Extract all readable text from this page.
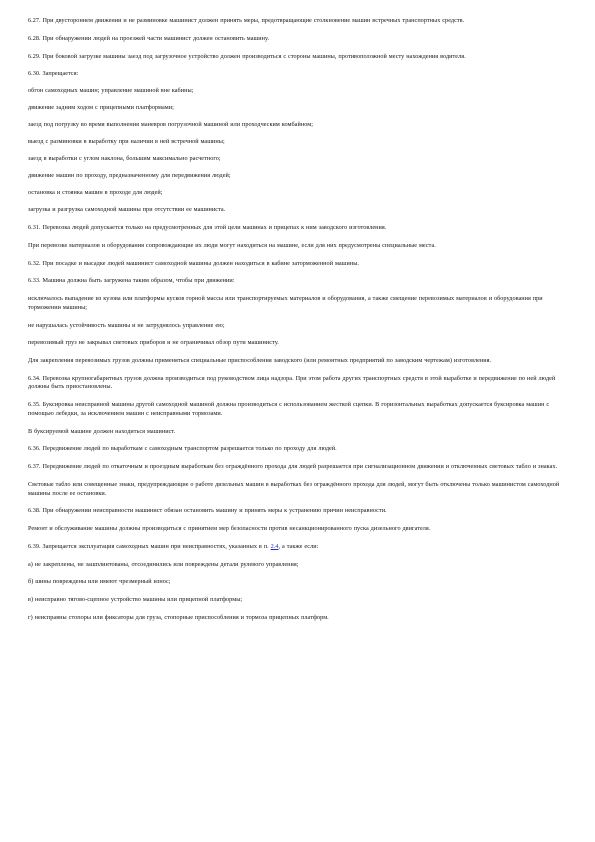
6.27. При двустороннем движении и не разминовке машинист должен принять меры, предотвращающие столкновение машин встречных транспортных средств.

6.28. При обнаружении людей на проезжей части машинист должен остановить машину.

6.29. При боковой загрузке машины заезд под загрузочное устройство должен производиться с стороны машины, противоположной месту нахождения водителя.

6.30. Запрещается:

обгон самоходных машин; управление машиной вне кабины;

движение задним ходом с прицепными платформами;

заезд под погрузку во время выполнения маневров погрузочной машиной или проходческим комбайном;

выезд с разминовки в выработку при наличии в ней встречной машины;

заезд в выработки с углом наклона, большим максимально расчетного;

движение машин по проходу, предназначенному для передвижения людей;

остановка и стоянка машин в проходе для людей;

загрузка и разгрузка самоходной машины при отсутствии ее машиниста.

6.31. Перевозка людей допускается только на предусмотренных для этой цели машинах и прицепах к ним заводского изготовления.

При перевозке материалов и оборудования сопровождающие их люди могут находиться на машине, если для них предусмотрены специальные места.

6.32. При посадке и высадке людей машинист самоходной машины должен находиться в кабине заторможенной машины.

6.33. Машина должна быть загружена таким образом, чтобы при движении:

исключалось выпадение из кузова или платформы кусков горной массы или транспортируемых материалов и оборудования, а также смещение перевозимых материалов и оборудования при торможении машины;

не нарушалась устойчивость машины и не затруднялось управление ею;

перевозимый груз не закрывал световых приборов и не ограничивал обзор пути машинисту.

Для закрепления перевозимых грузов должны применяться специальные приспособления заводского (или ремонтных предприятий по заводским чертежам) изготовления.

6.34. Перевозка крупногабаритных грузов должна производиться под руководством лица надзора. При этом работа других транспортных средств в этой выработке и передвижение по ней людей должны быть приостановлены.

6.35. Буксировка неисправной машины другой самоходной машиной должна производиться с использованием жесткой сцепки. В горизонтальных выработках допускается буксировка машин с помощью лебедки, за исключением машин с неисправными тормозами.

В буксируемой машине должен находиться машинист.

6.36. Передвижение людей по выработкам с самоходным транспортом разрешается только по проходу для людей.

6.37. Передвижение людей по откаточным и проездным выработкам без ограждённого прохода для людей разрешается при сигнализационном движении и отключенных световых табло и знаках.

Световые табло или совещенные знаки, предупреждающие о работе дизельных машин в выработках без ограждённого прохода для людей, могут быть отключены только машинистом самоходной машины после ее остановки.

6.38. При обнаружении неисправности машинист обязан остановить машину и принять меры к устранению причин неисправности.

Ремонт и обслуживание машины должны производиться с принятием мер безопасности против несанкционированного пуска дизельного двигателя.

6.39. Запрещается эксплуатация самоходных машин при неисправностях, указанных в п. 2.4, а также если:

а) не закреплены, не зашплинтованы, отсоединились или повреждены детали рулевого управления;

б) шины повреждены или имеют чрезмерный износ;

в) неисправно тягово-сцепное устройство машины или прицепной платформы;

г) неисправны стопоры или фиксаторы для груза, стопорные приспособления и тормоза прицепных платформ.
